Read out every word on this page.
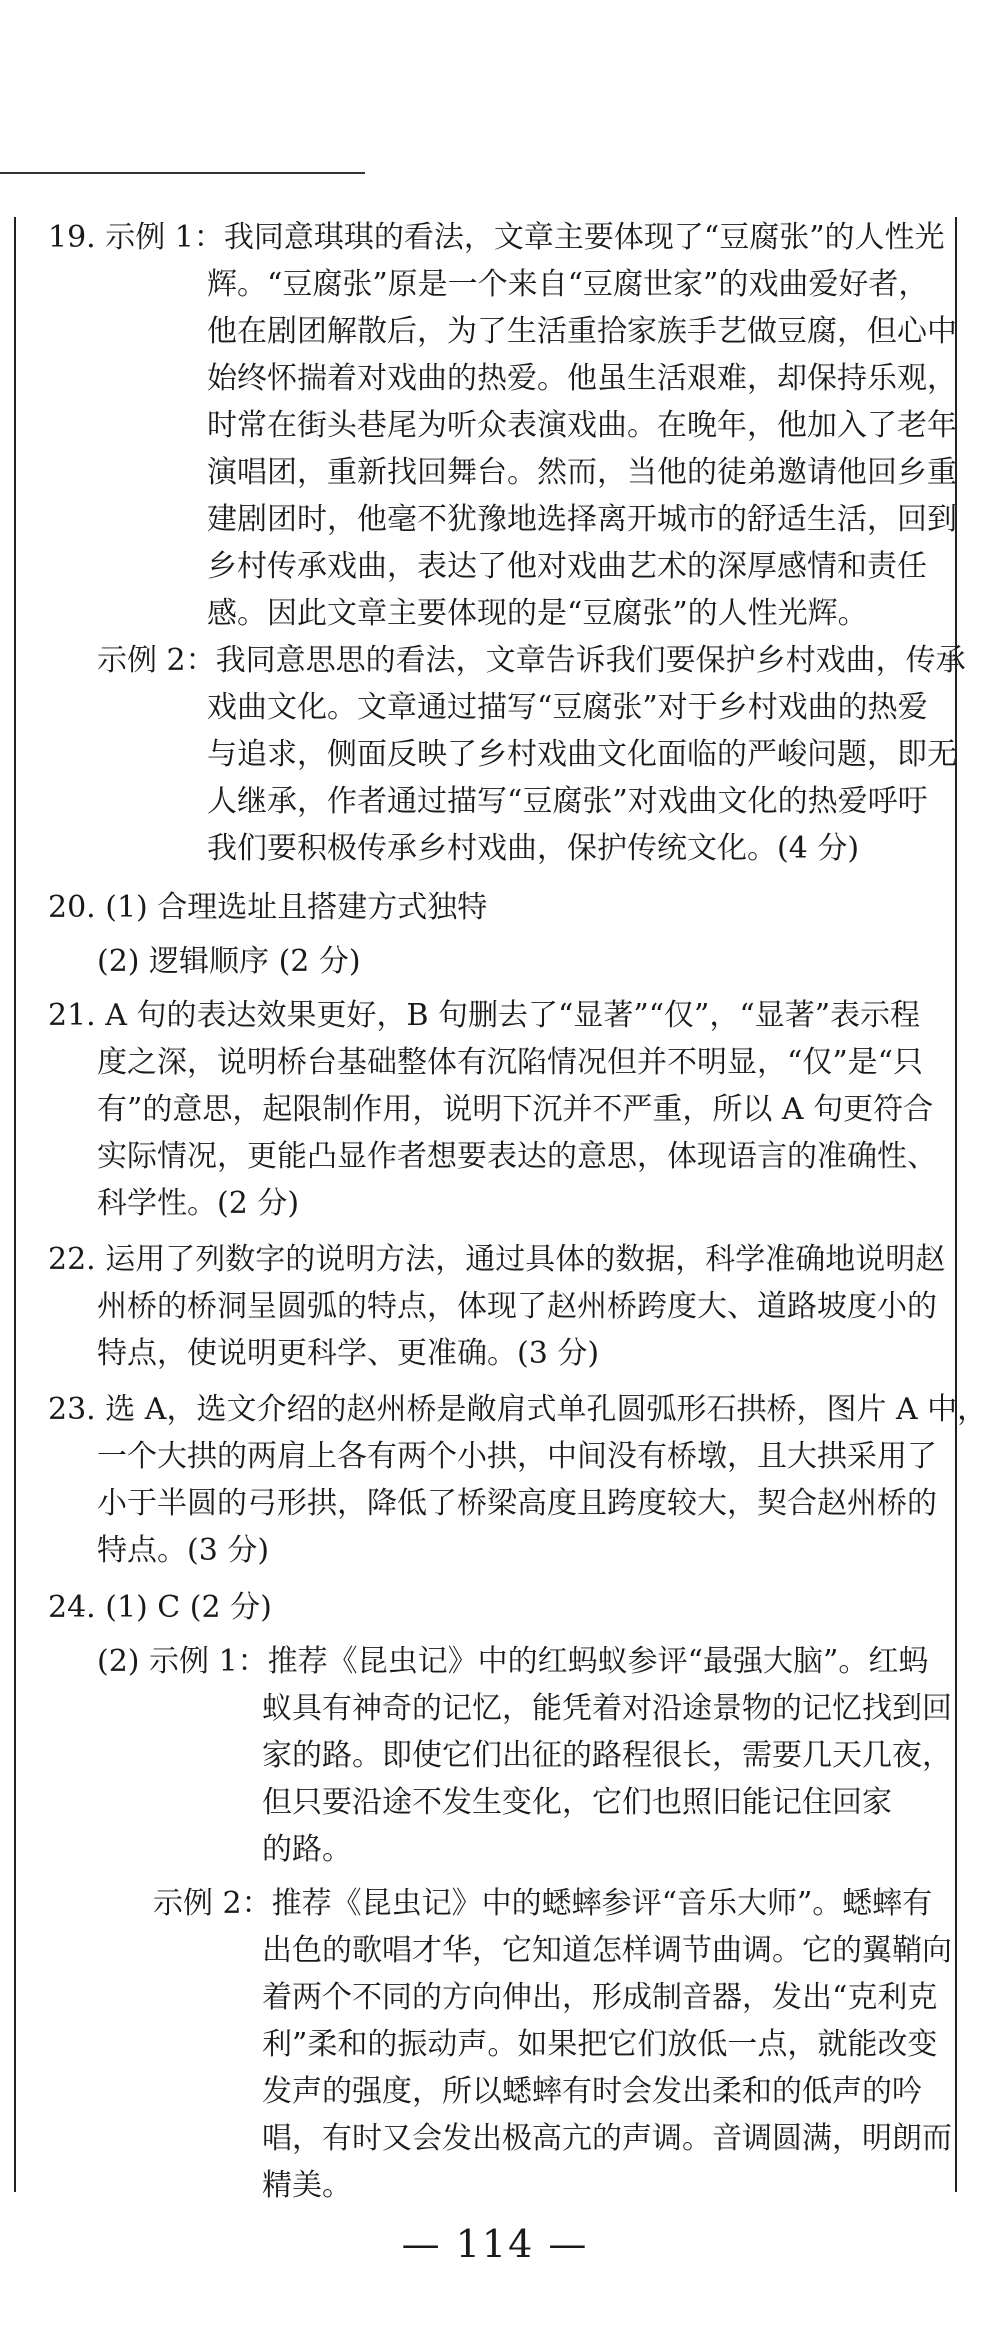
19. 示例 1：我同意琪琪的看法，文章主要体现了“豆腐张”的人性光
辉。“豆腐张”原是一个来自“豆腐世家”的戏曲爱好者，
他在剧团解散后，为了生活重拾家族手艺做豆腐，但心中
始终怀揣着对戏曲的热爱。他虽生活艰难，却保持乐观，
时常在街头巷尾为听众表演戏曲。在晚年，他加入了老年
演唱团，重新找回舞台。然而，当他的徒弟邀请他回乡重
建剧团时，他毫不犹豫地选择离开城市的舒适生活，回到
乡村传承戏曲，表达了他对戏曲艺术的深厚感情和责任
感。因此文章主要体现的是“豆腐张”的人性光辉。
示例 2：我同意思思的看法，文章告诉我们要保护乡村戏曲，传承
戏曲文化。文章通过描写“豆腐张”对于乡村戏曲的热爱
与追求，侧面反映了乡村戏曲文化面临的严峻问题，即无
人继承，作者通过描写“豆腐张”对戏曲文化的热爱呼吁
我们要积极传承乡村戏曲，保护传统文化。(4 分)
20. (1) 合理选址且搭建方式独特
(2) 逻辑顺序 (2 分)
21. A 句的表达效果更好，B 句删去了“显著”“仅”，“显著”表示程
度之深，说明桥台基础整体有沉陷情况但并不明显，“仅”是“只
有”的意思，起限制作用，说明下沉并不严重，所以 A 句更符合
实际情况，更能凸显作者想要表达的意思，体现语言的准确性、
科学性。(2 分)
22. 运用了列数字的说明方法，通过具体的数据，科学准确地说明赵
州桥的桥洞呈圆弧的特点，体现了赵州桥跨度大、道路坡度小的
特点，使说明更科学、更准确。(3 分)
23. 选 A，选文介绍的赵州桥是敞肩式单孔圆弧形石拱桥，图片 A 中，
一个大拱的两肩上各有两个小拱，中间没有桥墩，且大拱采用了
小于半圆的弓形拱，降低了桥梁高度且跨度较大，契合赵州桥的
特点。(3 分)
24. (1) C (2 分)
(2) 示例 1：推荐《昆虫记》中的红蚂蚁参评“最强大脑”。红蚂
蚁具有神奇的记忆，能凭着对沿途景物的记忆找到回
家的路。即使它们出征的路程很长，需要几天几夜，
但只要沿途不发生变化，它们也照旧能记住回家
的路。
示例 2：推荐《昆虫记》中的蟋蟀参评“音乐大师”。蟋蟀有
出色的歌唱才华，它知道怎样调节曲调。它的翼鞘向
着两个不同的方向伸出，形成制音器，发出“克利克
利”柔和的振动声。如果把它们放低一点，就能改变
发声的强度，所以蟋蟀有时会发出柔和的低声的吟
唱，有时又会发出极高亢的声调。音调圆满，明朗而
精美。
— 114 —
